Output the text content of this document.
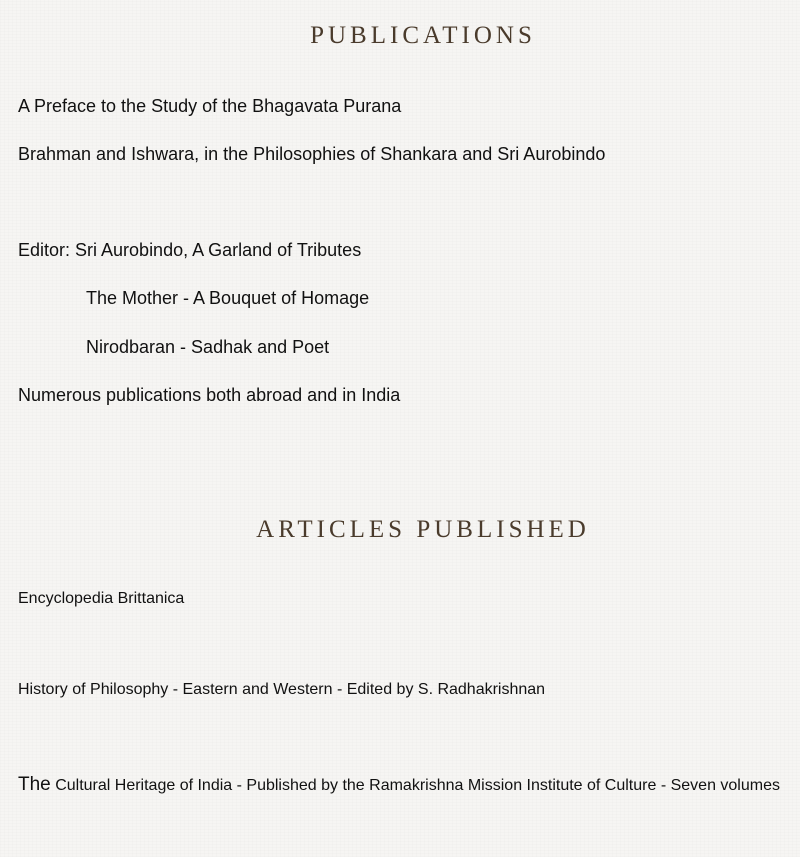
PUBLICATIONS
A Preface to the Study of the Bhagavata Purana
Brahman and Ishwara, in the Philosophies of Shankara and Sri Aurobindo
Editor: Sri Aurobindo, A Garland of Tributes
The Mother - A Bouquet of Homage
Nirodbaran - Sadhak and Poet
Numerous publications both abroad and in India
ARTICLES PUBLISHED
Encyclopedia Brittanica
History of Philosophy - Eastern and Western - Edited by S. Radhakrishnan
The Cultural Heritage of India - Published by the Ramakrishna Mission Institute of Culture - Seven volumes
